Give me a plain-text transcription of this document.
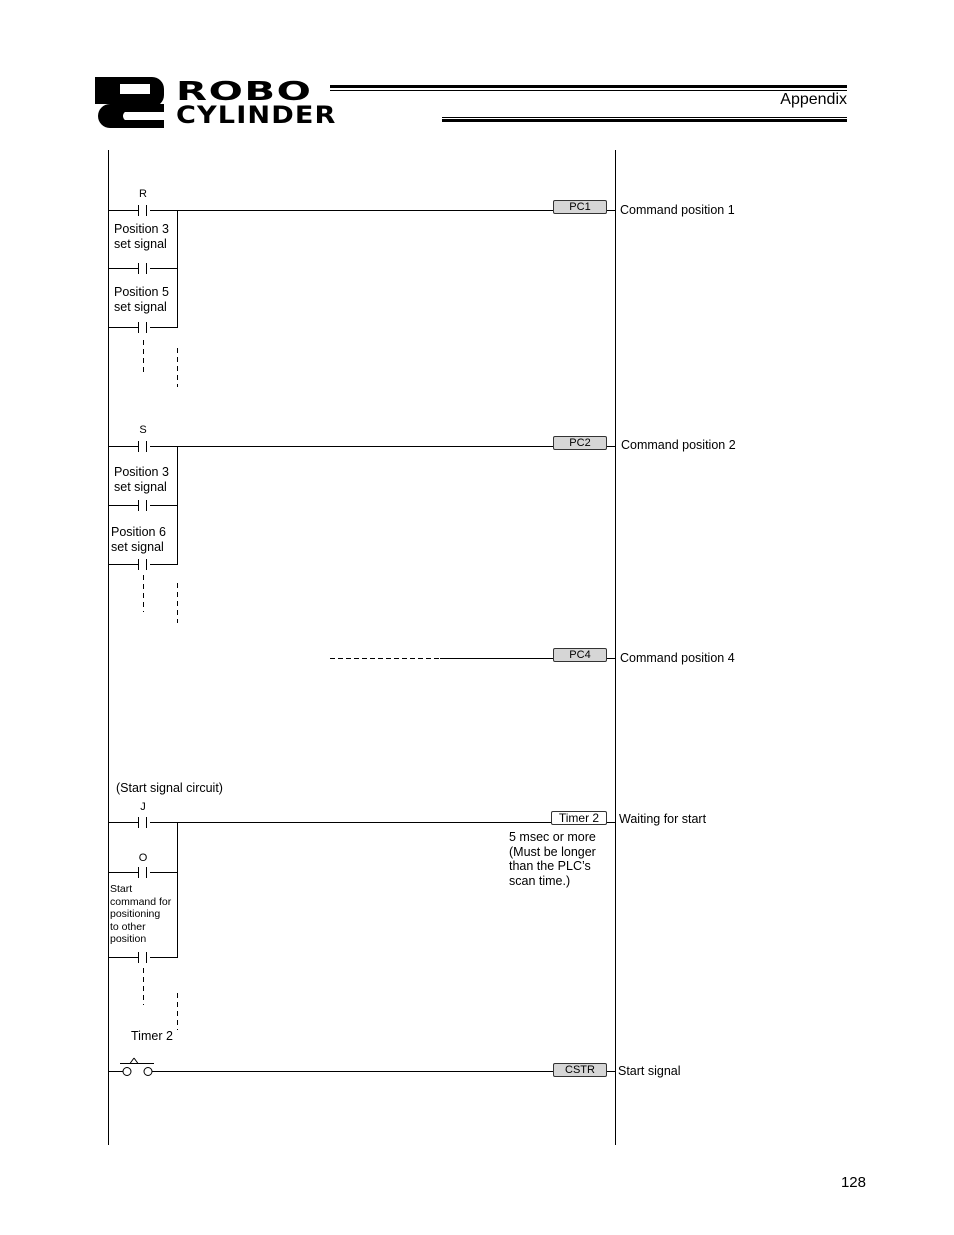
ROBO
CYLINDER
Appendix
R
Position 3
set signal
Position 5
set signal
PC1	Command position 1
S
Position 3
set signal
Position 6
set signal
PC2	Command position 2
PC4	Command position 4
(Start signal circuit)
J
O
Start
command for
positioning
to other
position
Timer 2
5 msec or more
(Must be longer
than the PLC’s
scan time.)
Waiting for start
Timer 2
CSTR	Start signal
128
